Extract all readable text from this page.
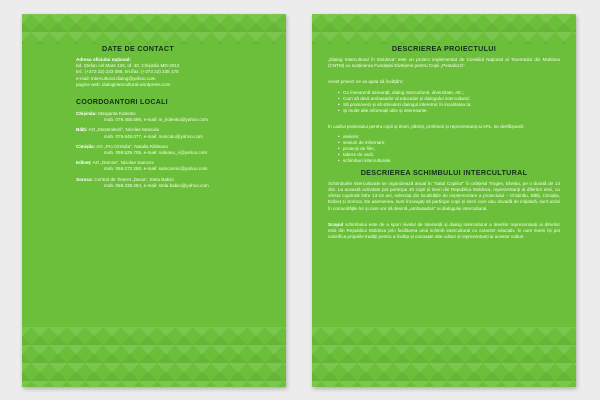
DATE DE CONTACT
Adresa oficiului național:
bd. Ștefan cel Mare 126, of. 40, Chișinău MD-2012
tel.: (+373 22) 233 088, tel./fax: (+373 22) 235 175
e-mail: intercultural.dialog@yahoo.com
pagina web: dialogintercultural.wordpress.com
COORDOANTORI LOCALI
Chișinău: Margarita Kolenko
mob. 079.455.696, e-mail: m_kolenko@yahoo.com
Bălți: AO „Moștenitorii”, Nicolae Moscalu
mob. 079.848.077, e-mail: moscalu@yahoo.com
Cimișlia: AO „Pro Cimișlia”, Natalia Răileanu
mob. 069.525.705, e-mail: raileanu_n@yahoo.com
Edineț: AO „Demos”, Nicolae Samcov
mob. 069.272.250, e-mail: samcovnic@yahoo.com
Soroca: Centrul de Tineret „Dacia”, Stela Babici
mob. 068.338.284, e-mail: stela.babici@yahoo.com
DESCRIEREA PROIECTULUI

„Dialog Intercultural în Moldova” este un proiect implementat de Consiliul Național al Tineretului din Moldova (CNTM) cu susținerea Fundației Elvețiene pentru Copii „Pestalozzi”.

Acest proiect ne va ajuta să învățăm:

• Ce înseamnă toleranță, dialog intercultural, diversitate, etc.;
• Cum să devii ambasador al educației și dialogului intercultural;
• Să promovezi și să stimulezi dialogul interetnic în localitatea ta;
• Și multe alte informații utile și interesante.

În cadrul proiectului pentru copii și tineri, părinți, profesori și reprezentanți ai APL, se desfășoară:

• ateliere;
• sesiuni de informare;
• proiecții de film;
• tabere de vară;
• schimburi interculturale.
DESCRIEREA SCHIMBULUI INTERCULTURAL

Schimburile Interculturale se organizează anual în "Satul Copiilor" în orășelul Trogen, Elveția, pe o durată de 14 zile. La această activitate pot participa 40 copii și tineri din Republica Moldova, reprezentanți ai diferitor etnii, cu vârsta cuprinsă între 13-16 ani, selectați din localitățile de implementare a proiectului – Chișinău, Bălți, Cimișlia, Edineț și Soroca. De asemenea, sunt încurajați să participe copii și tineri care dau dovadă de inițiativă, sunt activi în comunitățile lor și care vor să devină „ambasadori” ai dialogului intercultural.

Scopul schimbului este de a spori nivelul de toleranță și dialog intercultural a tinerilor reprezentanți ai diferitor etnii din Republica Moldova prin facilitarea unui schimb intercultural cu caracter educativ. În care tinerii își pot valorifica propriile tradiții pentru a învăța și cunoaște alte culturi și reprezentanți ai acestor culturi.
